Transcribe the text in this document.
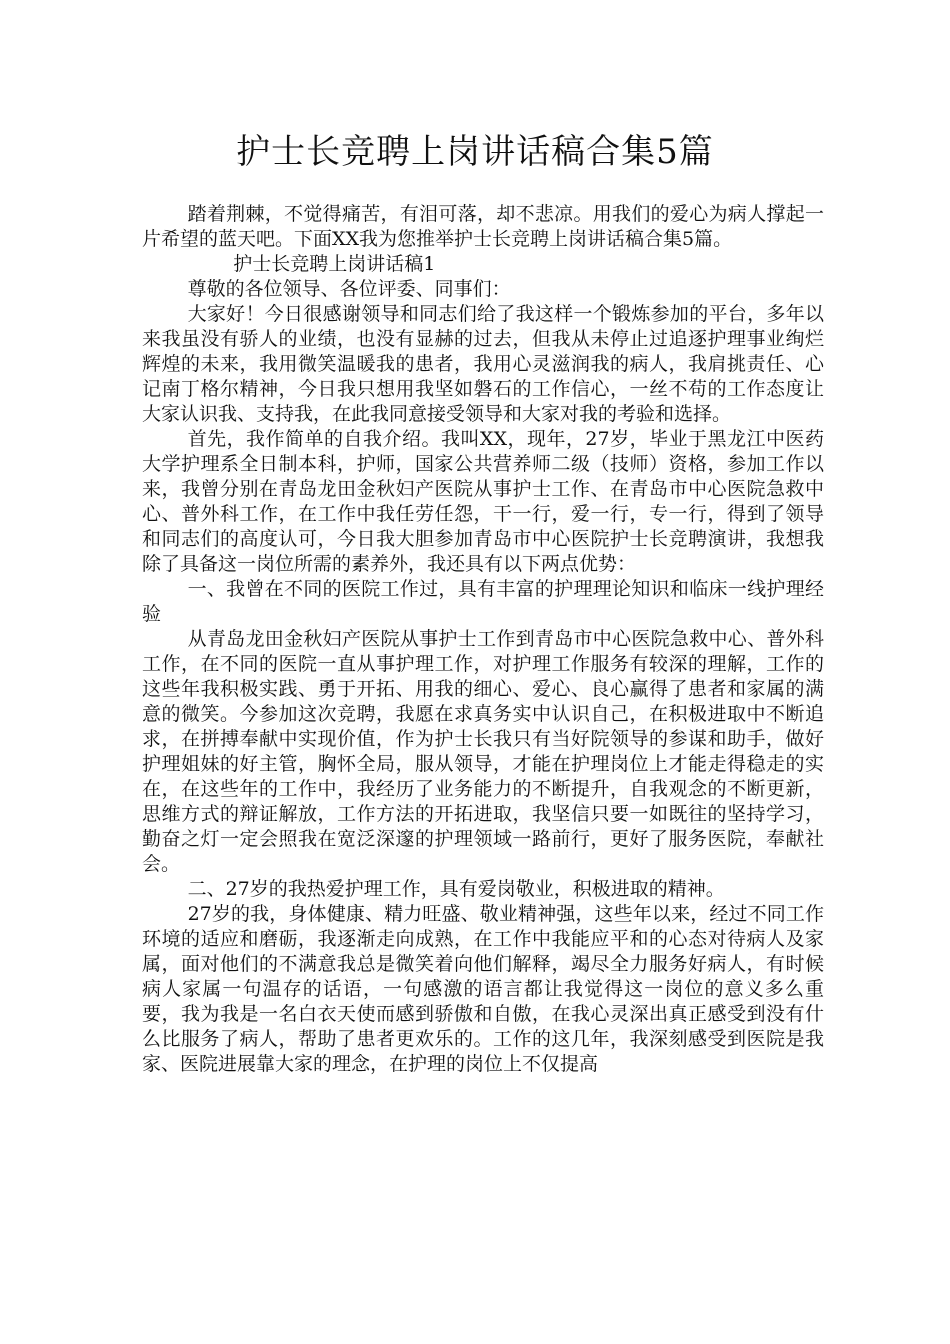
护士长竞聘上岗讲话稿合集5篇

踏着荆棘，不觉得痛苦，有泪可落，却不悲凉。用我们的爱心为病人撑起一片希望的蓝天吧。下面XX我为您推举护士长竞聘上岗讲话稿合集5篇。

护士长竞聘上岗讲话稿1

尊敬的各位领导、各位评委、同事们：

大家好！今日很感谢领导和同志们给了我这样一个锻炼参加的平台，多年以来我虽没有骄人的业绩，也没有显赫的过去，但我从未停止过追逐护理事业绚烂辉煌的未来，我用微笑温暖我的患者，我用心灵滋润我的病人，我肩挑责任、心记南丁格尔精神，今日我只想用我坚如磐石的工作信心，一丝不苟的工作态度让大家认识我、支持我，在此我同意接受领导和大家对我的考验和选择。

首先，我作简单的自我介绍。我叫XX，现年，27岁，毕业于黑龙江中医药大学护理系全日制本科，护师，国家公共营养师二级（技师）资格，参加工作以来，我曾分别在青岛龙田金秋妇产医院从事护士工作、在青岛市中心医院急救中心、普外科工作，在工作中我任劳任怨，干一行，爱一行，专一行，得到了领导和同志们的高度认可，今日我大胆参加青岛市中心医院护士长竞聘演讲，我想我除了具备这一岗位所需的素养外，我还具有以下两点优势：

一、我曾在不同的医院工作过，具有丰富的护理理论知识和临床一线护理经验

从青岛龙田金秋妇产医院从事护士工作到青岛市中心医院急救中心、普外科工作，在不同的医院一直从事护理工作，对护理工作服务有较深的理解，工作的这些年我积极实践、勇于开拓、用我的细心、爱心、良心赢得了患者和家属的满意的微笑。今参加这次竞聘，我愿在求真务实中认识自己，在积极进取中不断追求，在拼搏奉献中实现价值，作为护士长我只有当好院领导的参谋和助手，做好护理姐妹的好主管，胸怀全局，服从领导，才能在护理岗位上才能走得稳走的实在，在这些年的工作中，我经历了业务能力的不断提升，自我观念的不断更新，思维方式的辩证解放，工作方法的开拓进取，我坚信只要一如既往的坚持学习，勤奋之灯一定会照我在宽泛深邃的护理领域一路前行，更好了服务医院，奉献社会。

二、27岁的我热爱护理工作，具有爱岗敬业，积极进取的精神。

27岁的我，身体健康、精力旺盛、敬业精神强，这些年以来，经过不同工作环境的适应和磨砺，我逐渐走向成熟，在工作中我能应平和的心态对待病人及家属，面对他们的不满意我总是微笑着向他们解释，竭尽全力服务好病人，有时候病人家属一句温存的话语，一句感激的语言都让我觉得这一岗位的意义多么重要，我为我是一名白衣天使而感到骄傲和自傲，在我心灵深出真正感受到没有什么比服务了病人，帮助了患者更欢乐的。工作的这几年，我深刻感受到医院是我家、医院进展靠大家的理念，在护理的岗位上不仅提高
